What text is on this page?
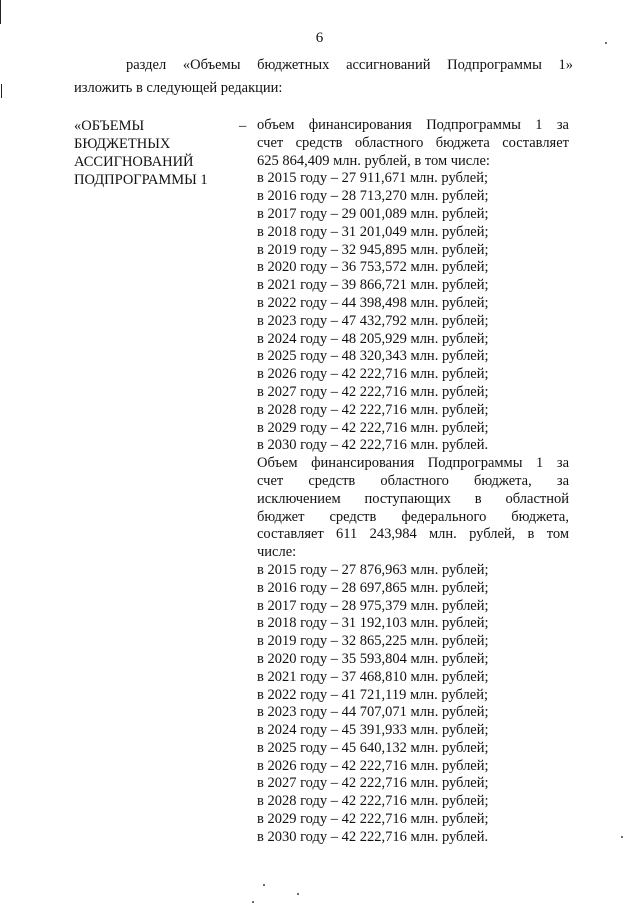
6
раздел «Объемы бюджетных ассигнований Подпрограммы 1»
изложить в следующей редакции:
«ОБЪЕМЫ
БЮДЖЕТНЫХ
АССИГНОВАНИЙ
ПОДПРОГРАММЫ 1
– объем финансирования Подпрограммы 1 за
счет средств областного бюджета составляет
625 864,409 млн. рублей, в том числе:
в 2015 году – 27 911,671 млн. рублей;
в 2016 году – 28 713,270 млн. рублей;
в 2017 году – 29 001,089 млн. рублей;
в 2018 году – 31 201,049 млн. рублей;
в 2019 году – 32 945,895 млн. рублей;
в 2020 году – 36 753,572 млн. рублей;
в 2021 году – 39 866,721 млн. рублей;
в 2022 году – 44 398,498 млн. рублей;
в 2023 году – 47 432,792 млн. рублей;
в 2024 году – 48 205,929 млн. рублей;
в 2025 году – 48 320,343 млн. рублей;
в 2026 году – 42 222,716 млн. рублей;
в 2027 году – 42 222,716 млн. рублей;
в 2028 году – 42 222,716 млн. рублей;
в 2029 году – 42 222,716 млн. рублей;
в 2030 году – 42 222,716 млн. рублей.
Объем финансирования Подпрограммы 1 за
счет средств областного бюджета, за
исключением поступающих в областной
бюджет средств федерального бюджета,
составляет 611 243,984 млн. рублей, в том
числе:
в 2015 году – 27 876,963 млн. рублей;
в 2016 году – 28 697,865 млн. рублей;
в 2017 году – 28 975,379 млн. рублей;
в 2018 году – 31 192,103 млн. рублей;
в 2019 году – 32 865,225 млн. рублей;
в 2020 году – 35 593,804 млн. рублей;
в 2021 году – 37 468,810 млн. рублей;
в 2022 году – 41 721,119 млн. рублей;
в 2023 году – 44 707,071 млн. рублей;
в 2024 году – 45 391,933 млн. рублей;
в 2025 году – 45 640,132 млн. рублей;
в 2026 году – 42 222,716 млн. рублей;
в 2027 году – 42 222,716 млн. рублей;
в 2028 году – 42 222,716 млн. рублей;
в 2029 году – 42 222,716 млн. рублей;
в 2030 году – 42 222,716 млн. рублей.
